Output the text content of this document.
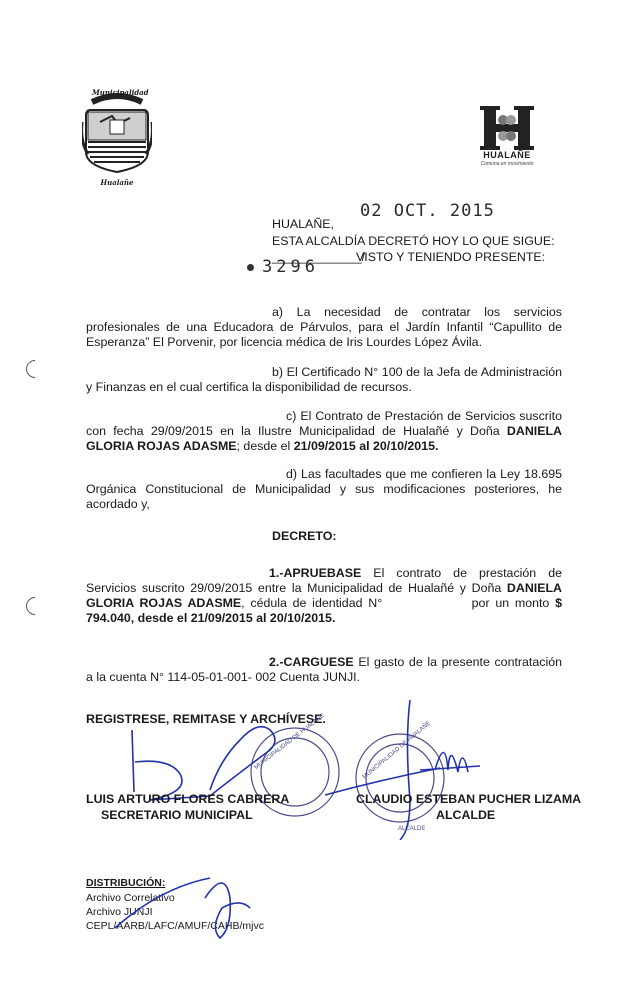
Municipalidad
Hualañe
HUALAÑE
Comuna en movimiento
HUALAÑE,
02 OCT. 2015
ESTA ALCALDÍA DECRETÓ HOY LO QUE SIGUE:
_____________/
VISTO Y TENIENDO PRESENTE:
3296
a) La necesidad de contratar los servicios profesionales de una Educadora de Párvulos, para el Jardín Infantil “Capullito de Esperanza” El Porvenir, por licencia médica de Iris Lourdes López Ávila.
b) El Certificado N° 100 de la Jefa de Administración y Finanzas en el cual certifica la disponibilidad de recursos.
c) El Contrato de Prestación de Servicios suscrito con fecha 29/09/2015 en la Ilustre Municipalidad de Hualañé y Doña DANIELA GLORIA ROJAS ADASME; desde el 21/09/2015 al 20/10/2015.
d) Las facultades que me confieren la Ley 18.695 Orgánica Constitucional de Municipalidad y sus modificaciones posteriores, he acordado y,
DECRETO:
1.-APRUEBASE El contrato de prestación de Servicios suscrito 29/09/2015 entre la Municipalidad de Hualañé y Doña DANIELA GLORIA ROJAS ADASME, cédula de identidad N°	por un monto $ 794.040, desde el 21/09/2015 al 20/10/2015.
2.-CARGUESE El gasto de la presente contratación a la cuenta N° 114-05-01-001- 002 Cuenta JUNJI.
REGISTRESE, REMITASE Y ARCHÍVESE.
MUNICIPALIDAD DE HUALAÑE	MUNICIPALIDAD DE HUALAÑE
ALCALDE
LUIS ARTURO FLORES CABRERA
SECRETARIO MUNICIPAL
CLAUDIO ESTEBAN PUCHER LIZAMA
ALCALDE
DISTRIBUCIÓN:
Archivo Correlativo
Archivo JUNJI
CEPL/AARB/LAFC/AMUF/CAHB/mjvc
